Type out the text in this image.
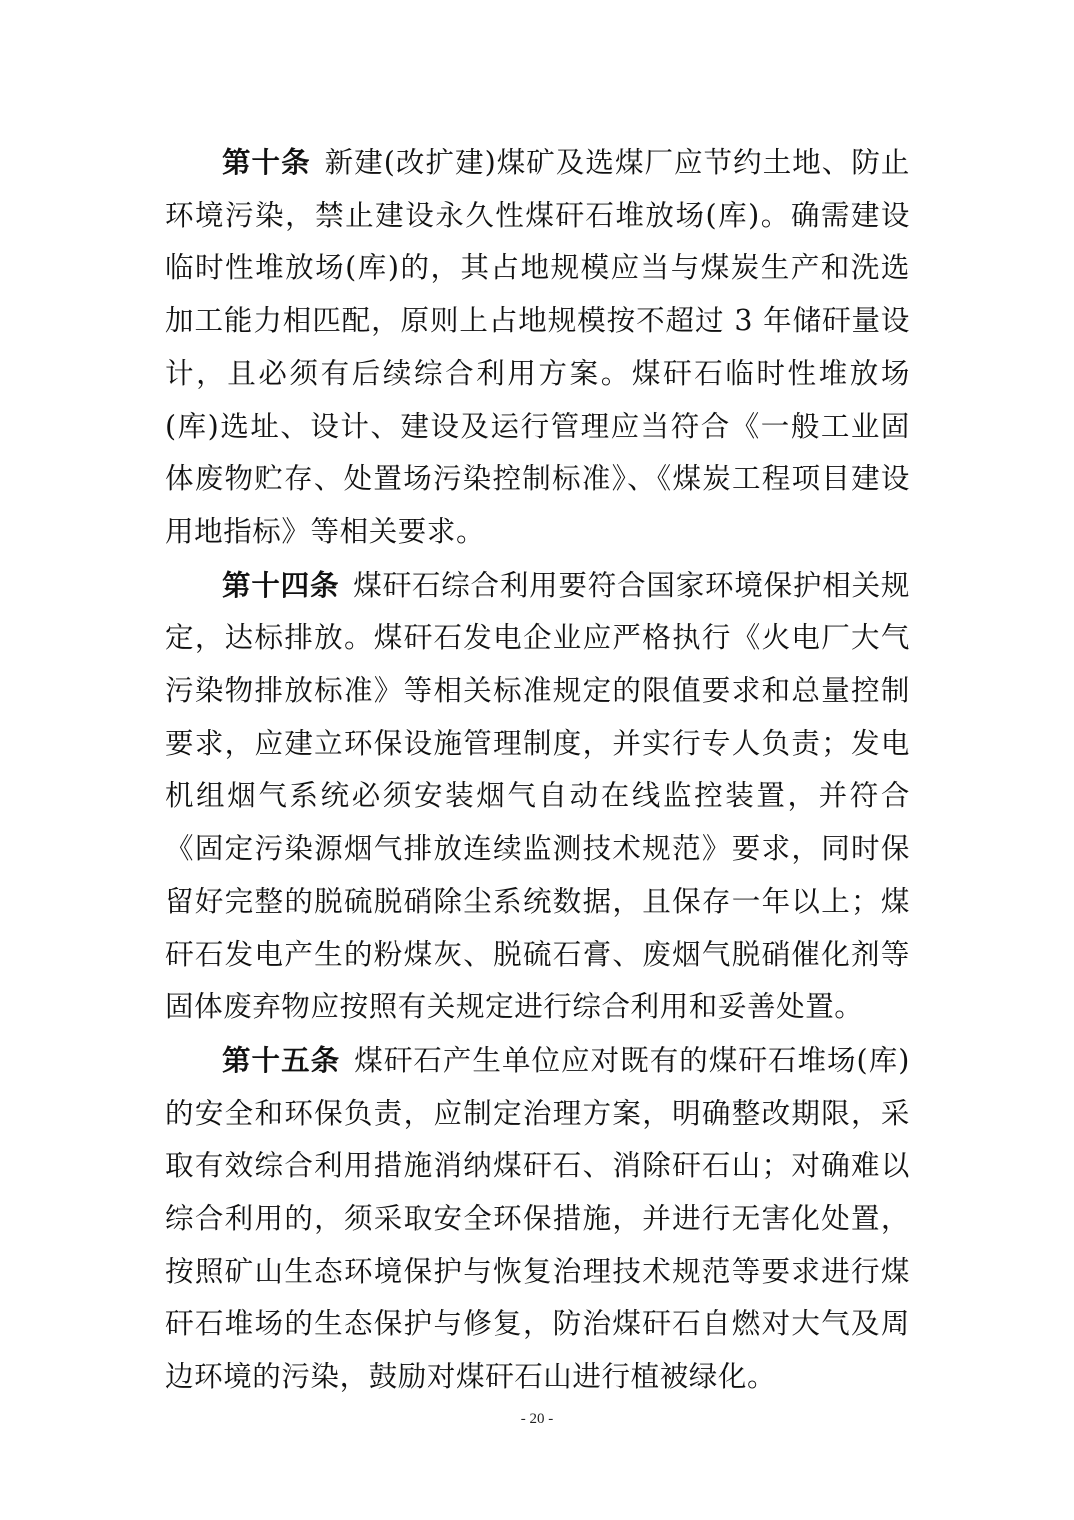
第十条 新建(改扩建)煤矿及选煤厂应节约土地、防止环境污染，禁止建设永久性煤矸石堆放场(库)。确需建设临时性堆放场(库)的，其占地规模应当与煤炭生产和洗选加工能力相匹配，原则上占地规模按不超过 3 年储矸量设计，且必须有后续综合利用方案。煤矸石临时性堆放场(库)选址、设计、建设及运行管理应当符合《一般工业固体废物贮存、处置场污染控制标准》、《煤炭工程项目建设用地指标》等相关要求。

第十四条 煤矸石综合利用要符合国家环境保护相关规定，达标排放。煤矸石发电企业应严格执行《火电厂大气污染物排放标准》等相关标准规定的限值要求和总量控制要求，应建立环保设施管理制度，并实行专人负责；发电机组烟气系统必须安装烟气自动在线监控装置，并符合《固定污染源烟气排放连续监测技术规范》要求，同时保留好完整的脱硫脱硝除尘系统数据，且保存一年以上；煤矸石发电产生的粉煤灰、脱硫石膏、废烟气脱硝催化剂等固体废弃物应按照有关规定进行综合利用和妥善处置。

第十五条 煤矸石产生单位应对既有的煤矸石堆场(库)的安全和环保负责，应制定治理方案，明确整改期限，采取有效综合利用措施消纳煤矸石、消除矸石山；对确难以综合利用的，须采取安全环保措施，并进行无害化处置，按照矿山生态环境保护与恢复治理技术规范等要求进行煤矸石堆场的生态保护与修复，防治煤矸石自燃对大气及周边环境的污染，鼓励对煤矸石山进行植被绿化。

- 20 -
